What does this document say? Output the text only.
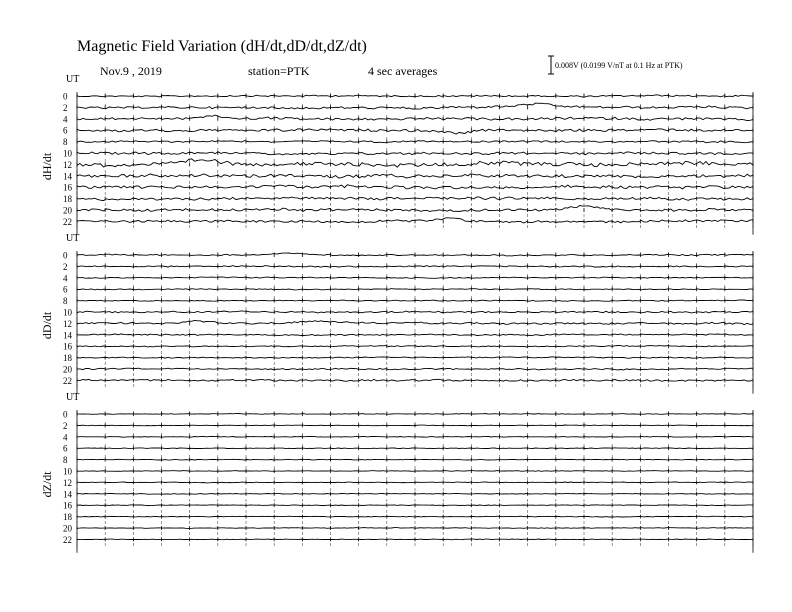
Magnetic Field Variation (dH/dt,dD/dt,dZ/dt)
Nov.9 , 2019	station=PTK	4 sec averages	0.008V (0.0199 V/nT at 0.1 Hz at PTK)
UT
dH/dt
0
2
4
6
8
10
12
14
16
18
20
22
UT
dD/dt
0
2
4
6
8
10
12
14
16
18
20
22
UT
dZ/dt
0
2
4
6
8
10
12
14
16
18
20
22
